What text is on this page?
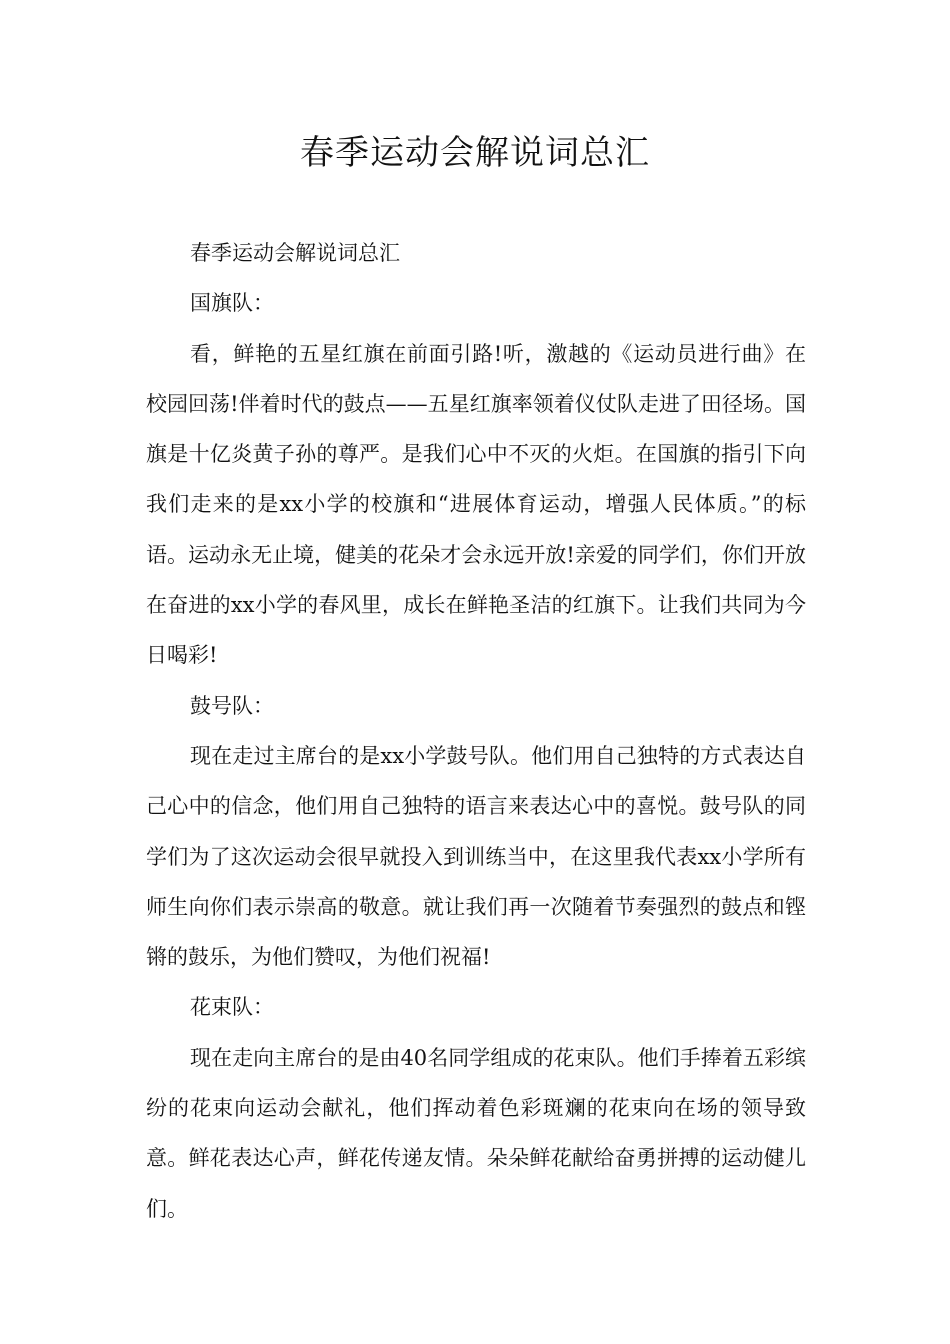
春季运动会解说词总汇

春季运动会解说词总汇

国旗队：

看，鲜艳的五星红旗在前面引路!听，激越的《运动员进行曲》在校园回荡!伴着时代的鼓点——五星红旗率领着仪仗队走进了田径场。国旗是十亿炎黄子孙的尊严。是我们心中不灭的火炬。在国旗的指引下向我们走来的是xx小学的校旗和“进展体育运动，增强人民体质。”的标语。运动永无止境，健美的花朵才会永远开放!亲爱的同学们，你们开放在奋进的xx小学的春风里，成长在鲜艳圣洁的红旗下。让我们共同为今日喝彩!

鼓号队：

现在走过主席台的是xx小学鼓号队。他们用自己独特的方式表达自己心中的信念，他们用自己独特的语言来表达心中的喜悦。鼓号队的同学们为了这次运动会很早就投入到训练当中，在这里我代表xx小学所有师生向你们表示崇高的敬意。就让我们再一次随着节奏强烈的鼓点和铿锵的鼓乐，为他们赞叹，为他们祝福!

花束队：

现在走向主席台的是由40名同学组成的花束队。他们手捧着五彩缤纷的花束向运动会献礼，他们挥动着色彩斑斓的花束向在场的领导致意。鲜花表达心声，鲜花传递友情。朵朵鲜花献给奋勇拼搏的运动健儿们。
